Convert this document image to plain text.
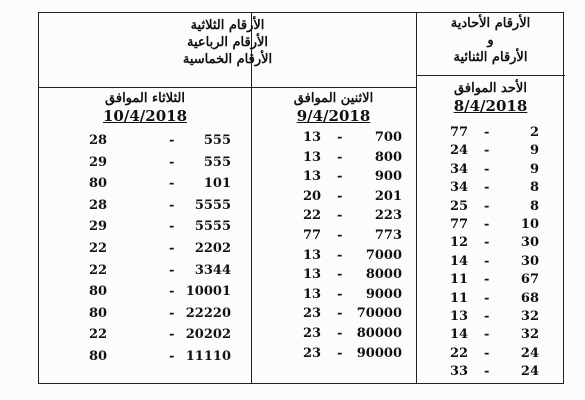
الأرقام الثلاثية
الأرقام الرباعية
الأرقام الخماسية
الأرقام الأحادية
و
الأرقام الثنائية
الثلاثاء الموافق
10/4/2018
الاثنين الموافق
9/4/2018
الأحد الموافق
8/4/2018
28	- 555
29	- 555
80	- 101
28	- 5555
29	- 5555
22	- 2202
22	- 3344
80	- 10001
80	- 22220
22	- 20202
80	- 11110
13 - 700
13 - 800
13 - 900
20 - 201
22 - 223
77 - 773
13 - 7000
13 - 8000
13 - 9000
23 - 70000
23 - 80000
23 - 90000
77 -	2
24 -	9
34 -	9
34 -	8
25 -	8
77 - 10
12 - 30
14 - 30
11 - 67
11 - 68
13 - 32
14 - 32
22 - 24
33 - 24
